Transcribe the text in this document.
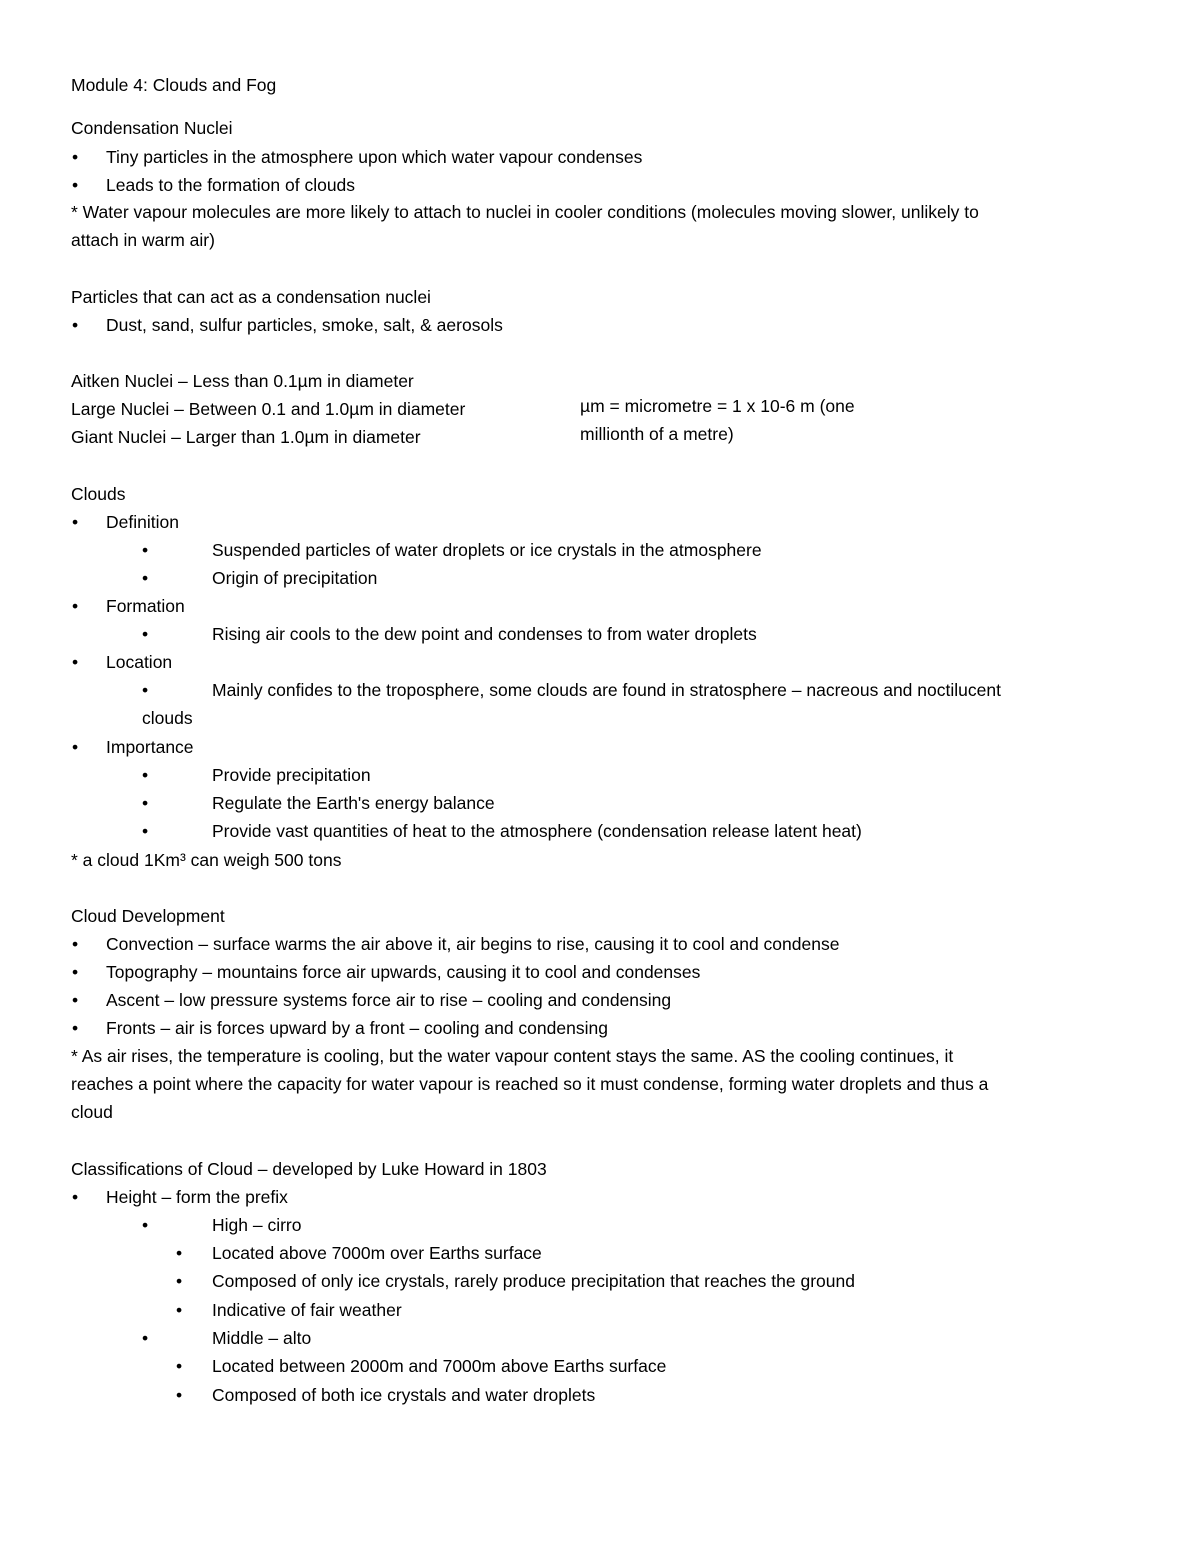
Module 4: Clouds and Fog
Condensation Nuclei
• Tiny particles in the atmosphere upon which water vapour condenses
• Leads to the formation of clouds
* Water vapour molecules are more likely to attach to nuclei in cooler conditions (molecules moving slower, unlikely to
attach in warm air)
Particles that can act as a condensation nuclei
• Dust, sand, sulfur particles, smoke, salt, & aerosols
Aitken Nuclei – Less than 0.1µm in diameter
Large Nuclei – Between 0.1 and 1.0µm in diameter
Giant Nuclei – Larger than 1.0µm in diameter
µm = micrometre = 1 x 10-6 m (one
millionth of a metre)
Clouds
• Definition
•	Suspended particles of water droplets or ice crystals in the atmosphere
•	Origin of precipitation
• Formation
•	Rising air cools to the dew point and condenses to from water droplets
• Location
•	Mainly confides to the troposphere, some clouds are found in stratosphere – nacreous and noctilucent
clouds
• Importance
•	Provide precipitation
•	Regulate the Earth's energy balance
•	Provide vast quantities of heat to the atmosphere (condensation release latent heat)
* a cloud 1Km³ can weigh 500 tons
Cloud Development
• Convection – surface warms the air above it, air begins to rise, causing it to cool and condense
• Topography – mountains force air upwards, causing it to cool and condenses
• Ascent – low pressure systems force air to rise – cooling and condensing
• Fronts – air is forces upward by a front – cooling and condensing
* As air rises, the temperature is cooling, but the water vapour content stays the same. AS the cooling continues, it
reaches a point where the capacity for water vapour is reached so it must condense, forming water droplets and thus a
cloud
Classifications of Cloud – developed by Luke Howard in 1803
• Height – form the prefix
•	High – cirro
• Located above 7000m over Earths surface
• Composed of only ice crystals, rarely produce precipitation that reaches the ground
• Indicative of fair weather
•	Middle – alto
• Located between 2000m and 7000m above Earths surface
• Composed of both ice crystals and water droplets
